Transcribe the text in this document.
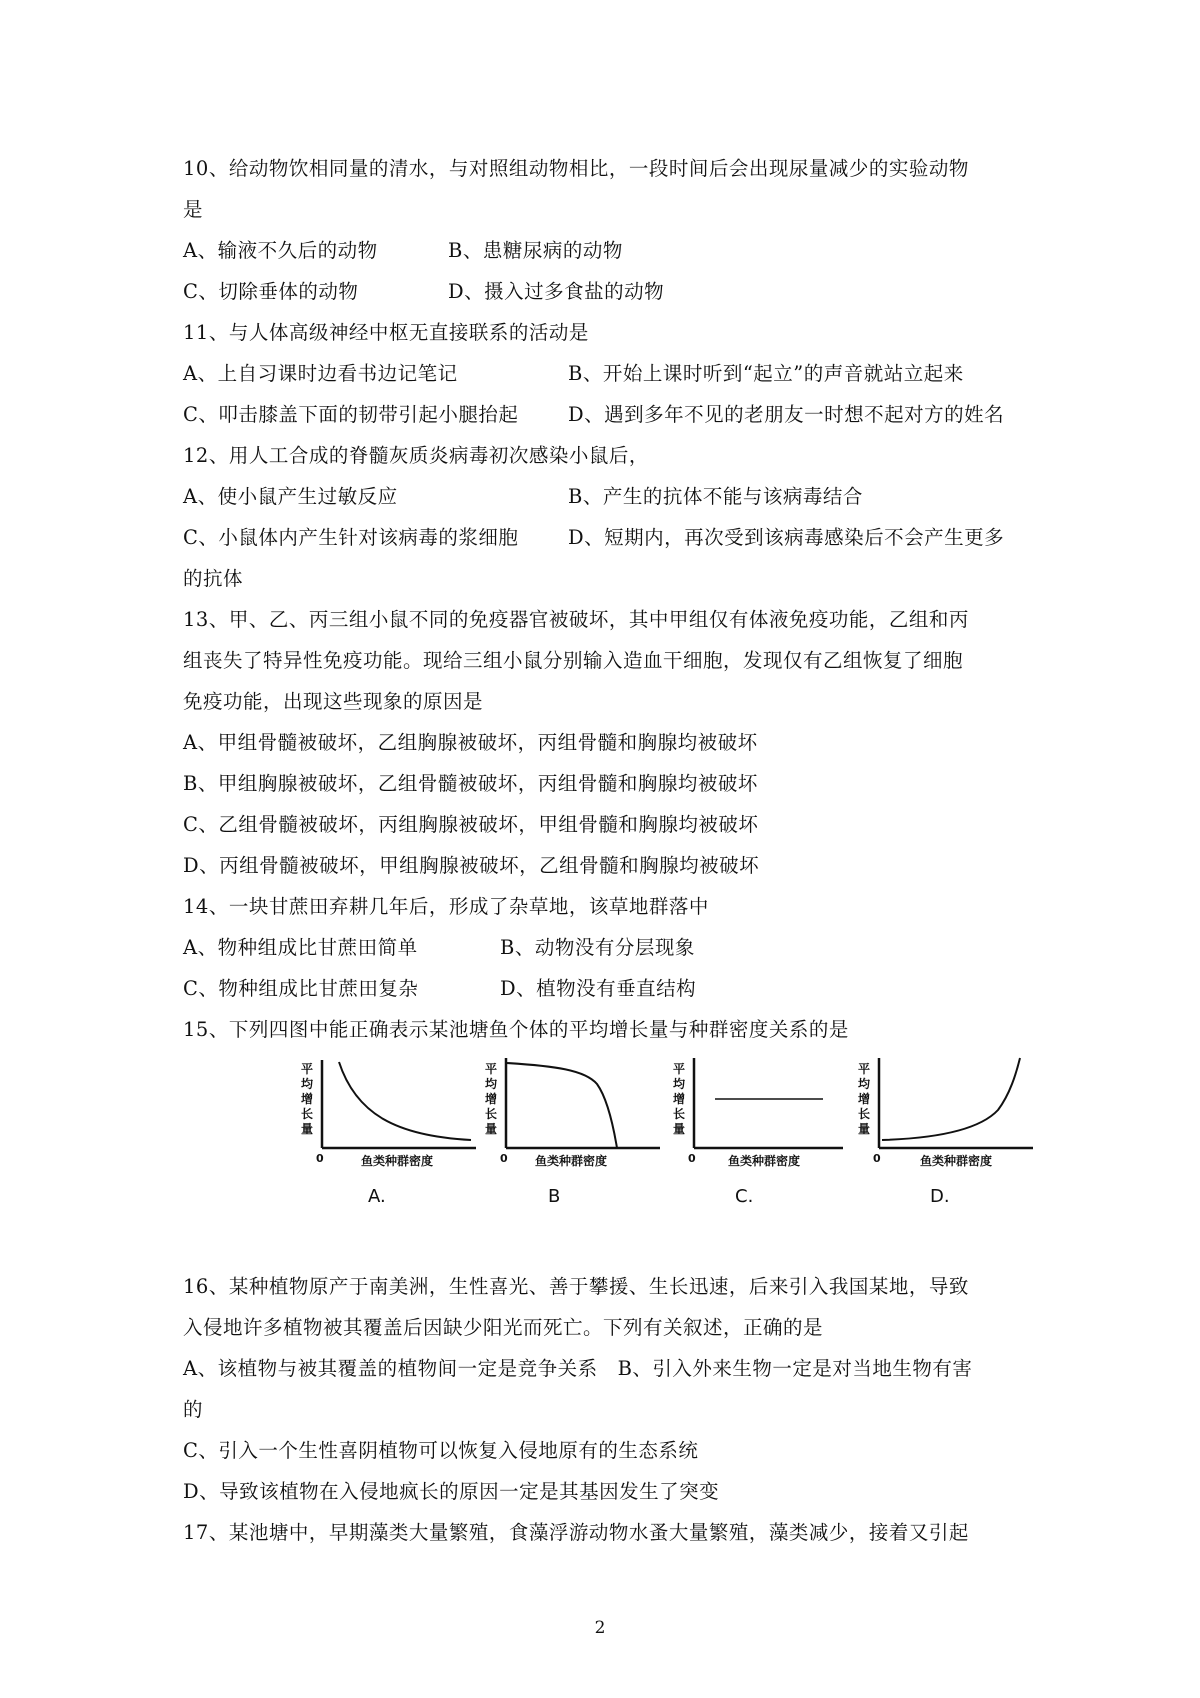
10、给动物饮相同量的清水，与对照组动物相比，一段时间后会出现尿量减少的实验动物
是
A、输液不久后的动物	B、患糖尿病的动物
C、切除垂体的动物	D、摄入过多食盐的动物
11、与人体高级神经中枢无直接联系的活动是
A、上自习课时边看书边记笔记	B、开始上课时听到“起立”的声音就站立起来
C、叩击膝盖下面的韧带引起小腿抬起	D、遇到多年不见的老朋友一时想不起对方的姓名
12、用人工合成的脊髓灰质炎病毒初次感染小鼠后，
A、使小鼠产生过敏反应	B、产生的抗体不能与该病毒结合
C、小鼠体内产生针对该病毒的浆细胞	D、短期内，再次受到该病毒感染后不会产生更多
的抗体
13、甲、乙、丙三组小鼠不同的免疫器官被破坏，其中甲组仅有体液免疫功能，乙组和丙
组丧失了特异性免疫功能。现给三组小鼠分别输入造血干细胞，发现仅有乙组恢复了细胞
免疫功能，出现这些现象的原因是
A、甲组骨髓被破坏，乙组胸腺被破坏，丙组骨髓和胸腺均被破坏
B、甲组胸腺被破坏，乙组骨髓被破坏，丙组骨髓和胸腺均被破坏
C、乙组骨髓被破坏，丙组胸腺被破坏，甲组骨髓和胸腺均被破坏
D、丙组骨髓被破坏，甲组胸腺被破坏，乙组骨髓和胸腺均被破坏
14、一块甘蔗田弃耕几年后，形成了杂草地，该草地群落中
A、物种组成比甘蔗田简单	B、动物没有分层现象
C、物种组成比甘蔗田复杂	D、植物没有垂直结构
15、下列四图中能正确表示某池塘鱼个体的平均增长量与种群密度关系的是
平均增长量
0	鱼类种群密度
A.
平均增长量
0 鱼类种群密度
B
平均增长量
0	鱼类种群密度
C.
平均增长量
0	鱼类种群密度
D.
16、某种植物原产于南美洲，生性喜光、善于攀援、生长迅速，后来引入我国某地，导致
入侵地许多植物被其覆盖后因缺少阳光而死亡。下列有关叙述，正确的是
A、该植物与被其覆盖的植物间一定是竞争关系　B、引入外来生物一定是对当地生物有害
的
C、引入一个生性喜阴植物可以恢复入侵地原有的生态系统
D、导致该植物在入侵地疯长的原因一定是其基因发生了突变
17、某池塘中，早期藻类大量繁殖，食藻浮游动物水蚤大量繁殖，藻类减少，接着又引起
2
